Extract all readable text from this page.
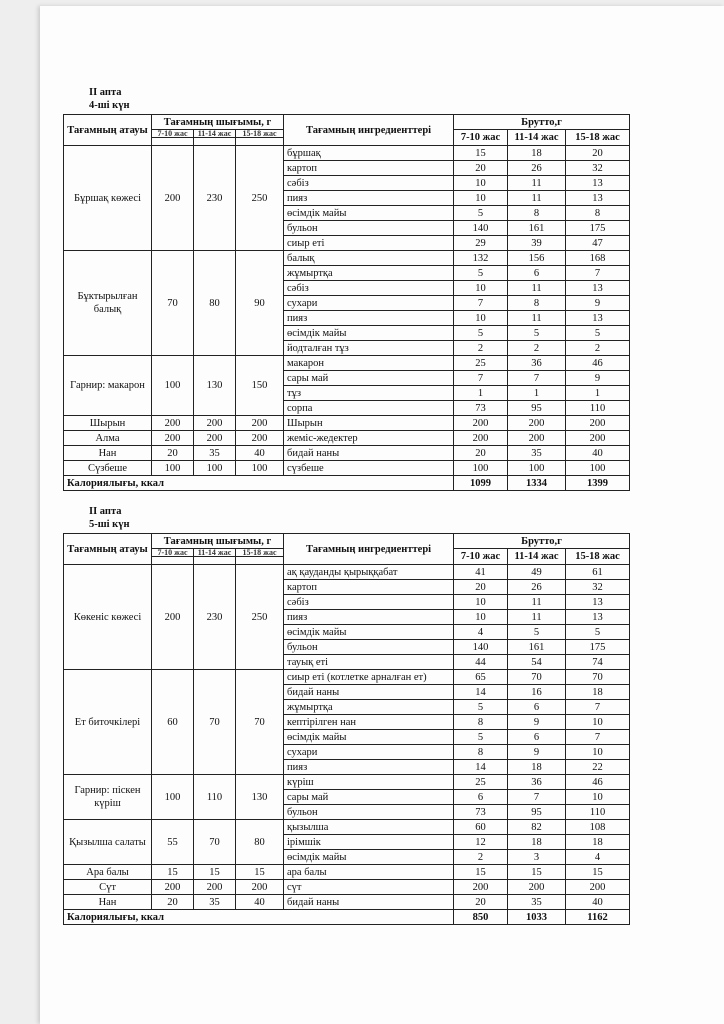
II апта
4-ші күн
Тағамның атауы	Тағамның шығымы, г			Тағамның ингредиенттері	Брутто,г		
	7-10 жас	11-14 жас	15-18 жас		7-10 жас	11-14 жас	15-18 жас

Бұршақ көжесі	200	230	250	бұршақ	15	18	20
				картоп	20	26	32
				сәбіз	10	11	13
				пияз	10	11	13
				өсімдік майы	5	8	8
				бульон	140	161	175
				сиыр еті	29	39	47
Бұктырылған балық	70	80	90	балық	132	156	168
				жұмыртқа	5	6	7
				сәбіз	10	11	13
				сухари	7	8	9
				пияз	10	11	13
				өсімдік майы	5	5	5
				йодталған тұз	2	2	2
Гарнир: макарон	100	130	150	макарон	25	36	46
				сары май	7	7	9
				тұз	1	1	1
				сорпа	73	95	110
Шырын	200	200	200	Шырын	200	200	200
Алма	200	200	200	жеміс-жедектер	200	200	200
Нан	20	35	40	бидай наны	20	35	40
Сүзбеше	100	100	100	сүзбеше	100	100	100
Калориялығы, ккал					1099	1334	1399
II апта
5-ші күн
Тағамның атауы	Тағамның шығымы, г			Тағамның ингредиенттері	Брутто,г		
	7-10 жас	11-14 жас	15-18 жас		7-10 жас	11-14 жас	15-18 жас

Көкеніс көжесі	200	230	250	ақ қауданды қырыққабат	41	49	61
				картоп	20	26	32
				сәбіз	10	11	13
				пияз	10	11	13
				өсімдік майы	4	5	5
				бульон	140	161	175
				тауық еті	44	54	74
Ет биточкілері	60	70	70	сиыр еті (котлетке арналған ет)	65	70	70
				бидай наны	14	16	18
				жұмыртқа	5	6	7
				кептірілген нан	8	9	10
				өсімдік майы	5	6	7
				сухари	8	9	10
				пияз	14	18	22
Гарнир: піскен күріш	100	110	130	күріш	25	36	46
				сары май	6	7	10
				бульон	73	95	110
Қызылша салаты	55	70	80	қызылша	60	82	108
				ірімшік	12	18	18
				өсімдік майы	2	3	4
Ара балы	15	15	15	ара балы	15	15	15
Сүт	200	200	200	сүт	200	200	200
Нан	20	35	40	бидай наны	20	35	40
Калориялығы, ккал					850	1033	1162
